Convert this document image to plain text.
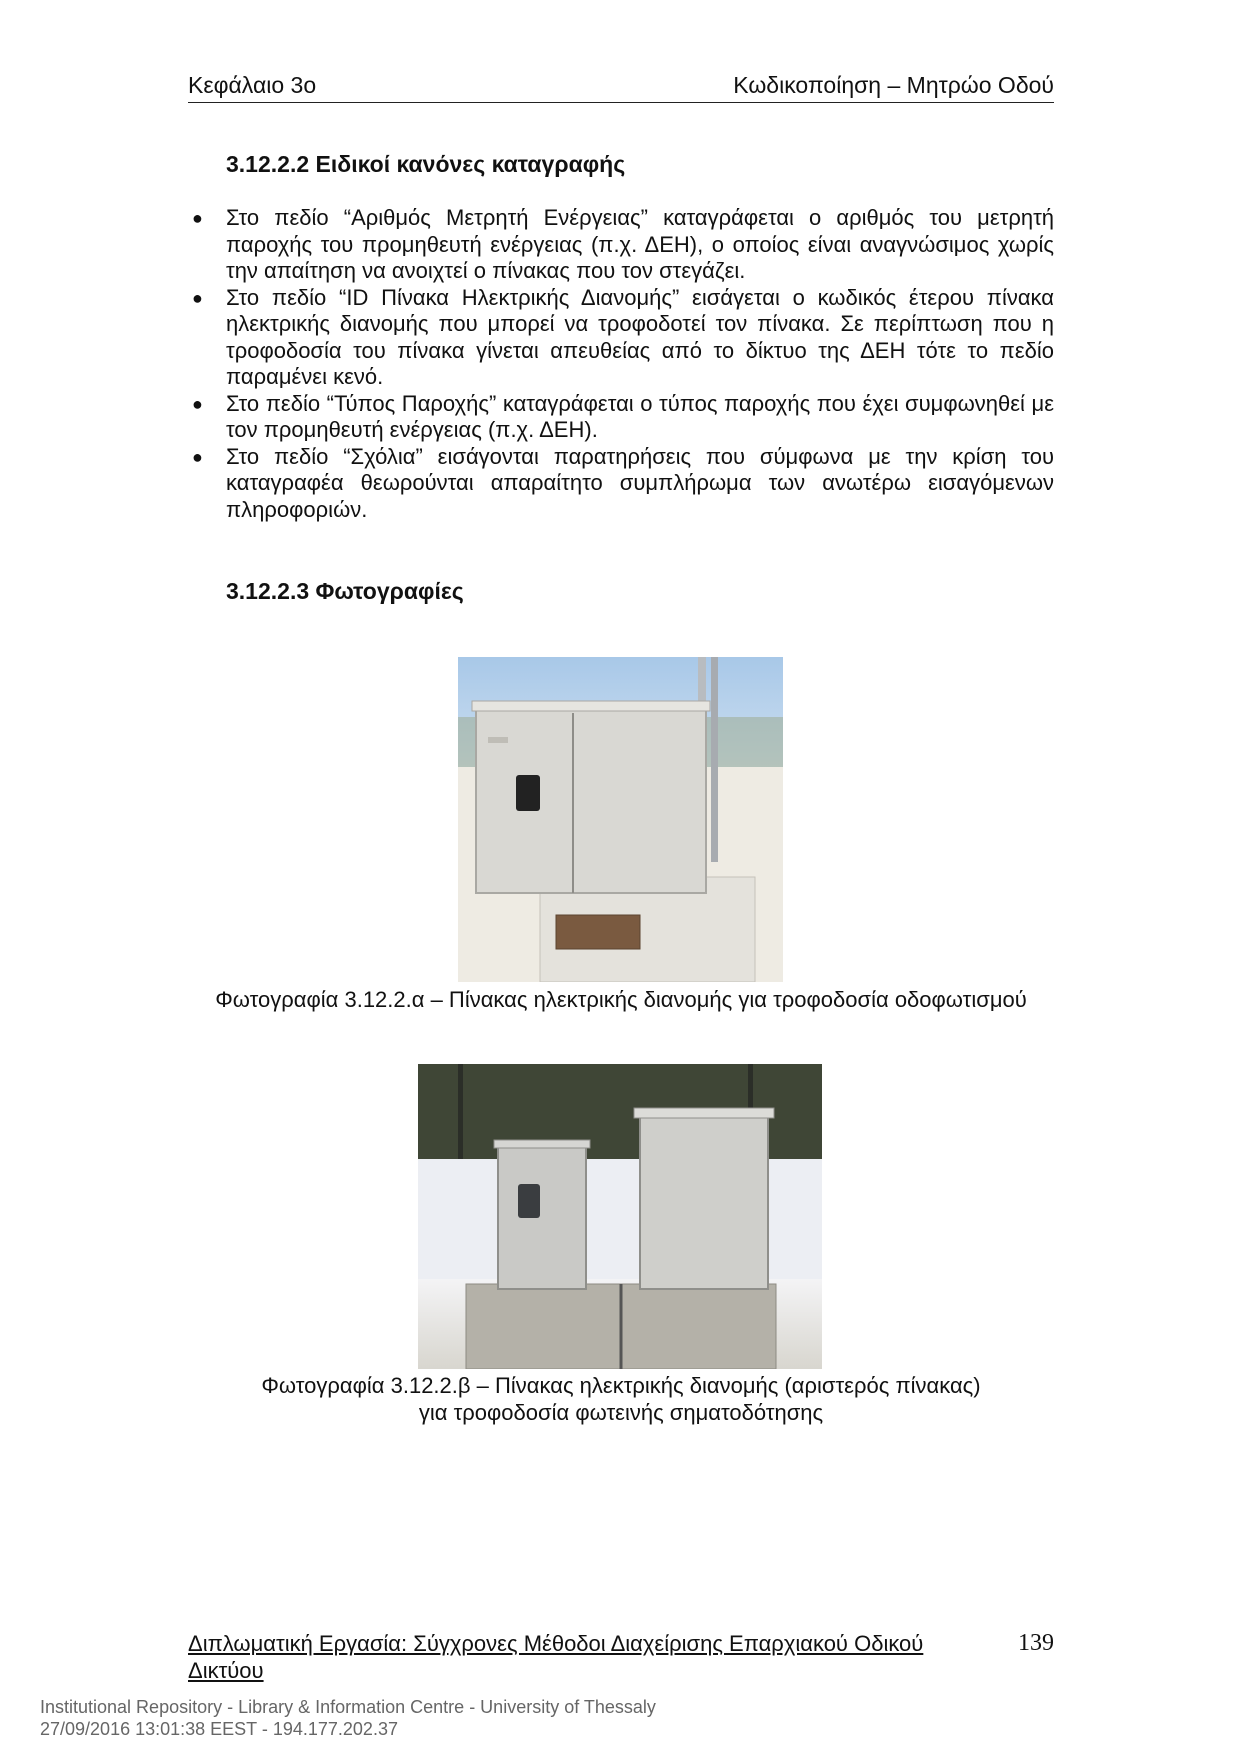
Κεφάλαιο 3ο	Κωδικοποίηση – Μητρώο Οδού
3.12.2.2 Ειδικοί κανόνες καταγραφής
● Στο πεδίο “Αριθμός Μετρητή Ενέργειας” καταγράφεται ο αριθμός του μετρητή παροχής του προμηθευτή ενέργειας (π.χ. ΔΕΗ), ο οποίος είναι αναγνώσιμος χωρίς την απαίτηση να ανοιχτεί ο πίνακας που τον στεγάζει.
● Στο πεδίο “ID Πίνακα Ηλεκτρικής Διανομής” εισάγεται ο κωδικός έτερου πίνακα ηλεκτρικής διανομής που μπορεί να τροφοδοτεί τον πίνακα. Σε περίπτωση που η τροφοδοσία του πίνακα γίνεται απευθείας από το δίκτυο της ΔΕΗ τότε το πεδίο παραμένει κενό.
● Στο πεδίο “Τύπος Παροχής” καταγράφεται ο τύπος παροχής που έχει συμφωνηθεί με τον προμηθευτή ενέργειας (π.χ. ΔΕΗ).
● Στο πεδίο “Σχόλια” εισάγονται παρατηρήσεις που σύμφωνα με την κρίση του καταγραφέα θεωρούνται απαραίτητο συμπλήρωμα των ανωτέρω εισαγόμενων πληροφοριών.
3.12.2.3 Φωτογραφίες
Φωτογραφία 3.12.2.α – Πίνακας ηλεκτρικής διανομής για τροφοδοσία οδοφωτισμού
Φωτογραφία 3.12.2.β – Πίνακας ηλεκτρικής διανομής (αριστερός πίνακας)
για τροφοδοσία φωτεινής σηματοδότησης
Διπλωματική Εργασία: Σύγχρονες Μέθοδοι Διαχείρισης Επαρχιακού Οδικού Δικτύου
139
Institutional Repository - Library & Information Centre - University of Thessaly
27/09/2016 13:01:38 EEST - 194.177.202.37
